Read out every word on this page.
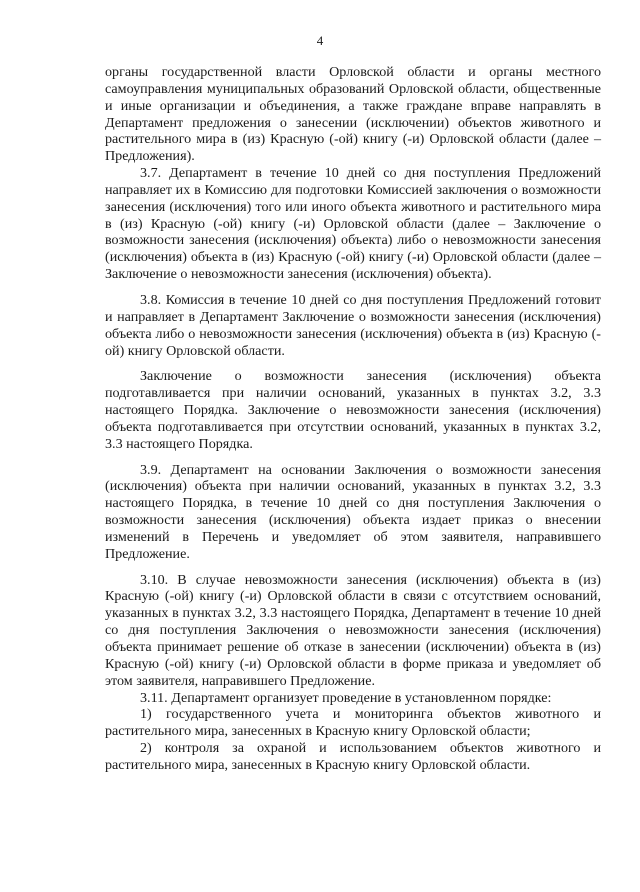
4

органы государственной власти Орловской области и органы местного самоуправления муниципальных образований Орловской области, общественные и иные организации и объединения, а также граждане вправе направлять в Департамент предложения о занесении (исключении) объектов животного и растительного мира в (из) Красную (-ой) книгу (-и) Орловской области (далее – Предложения).

3.7. Департамент в течение 10 дней со дня поступления Предложений направляет их в Комиссию для подготовки Комиссией заключения о возможности занесения (исключения) того или иного объекта животного и растительного мира в (из) Красную (-ой) книгу (-и) Орловской области (далее – Заключение о возможности занесения (исключения) объекта) либо о невозможности занесения (исключения) объекта в (из) Красную (-ой) книгу (-и) Орловской области (далее – Заключение о невозможности занесения (исключения) объекта).

3.8. Комиссия в течение 10 дней со дня поступления Предложений готовит и направляет в Департамент Заключение о возможности занесения (исключения) объекта либо о невозможности занесения (исключения) объекта в (из) Красную (-ой) книгу Орловской области.

Заключение о возможности занесения (исключения) объекта подготавливается при наличии оснований, указанных в пунктах 3.2, 3.3 настоящего Порядка. Заключение о невозможности занесения (исключения) объекта подготавливается при отсутствии оснований, указанных в пунктах 3.2, 3.3 настоящего Порядка.

3.9. Департамент на основании Заключения о возможности занесения (исключения) объекта при наличии оснований, указанных в пунктах 3.2, 3.3 настоящего Порядка, в течение 10 дней со дня поступления Заключения о возможности занесения (исключения) объекта издает приказ о внесении изменений в Перечень и уведомляет об этом заявителя, направившего Предложение.

3.10. В случае невозможности занесения (исключения) объекта в (из) Красную (-ой) книгу (-и) Орловской области в связи с отсутствием оснований, указанных в пунктах 3.2, 3.3 настоящего Порядка, Департамент в течение 10 дней со дня поступления Заключения о невозможности занесения (исключения) объекта принимает решение об отказе в занесении (исключении) объекта в (из) Красную (-ой) книгу (-и) Орловской области в форме приказа и уведомляет об этом заявителя, направившего Предложение.

3.11. Департамент организует проведение в установленном порядке:

1) государственного учета и мониторинга объектов животного и растительного мира, занесенных в Красную книгу Орловской области;

2) контроля за охраной и использованием объектов животного и растительного мира, занесенных в Красную книгу Орловской области.
